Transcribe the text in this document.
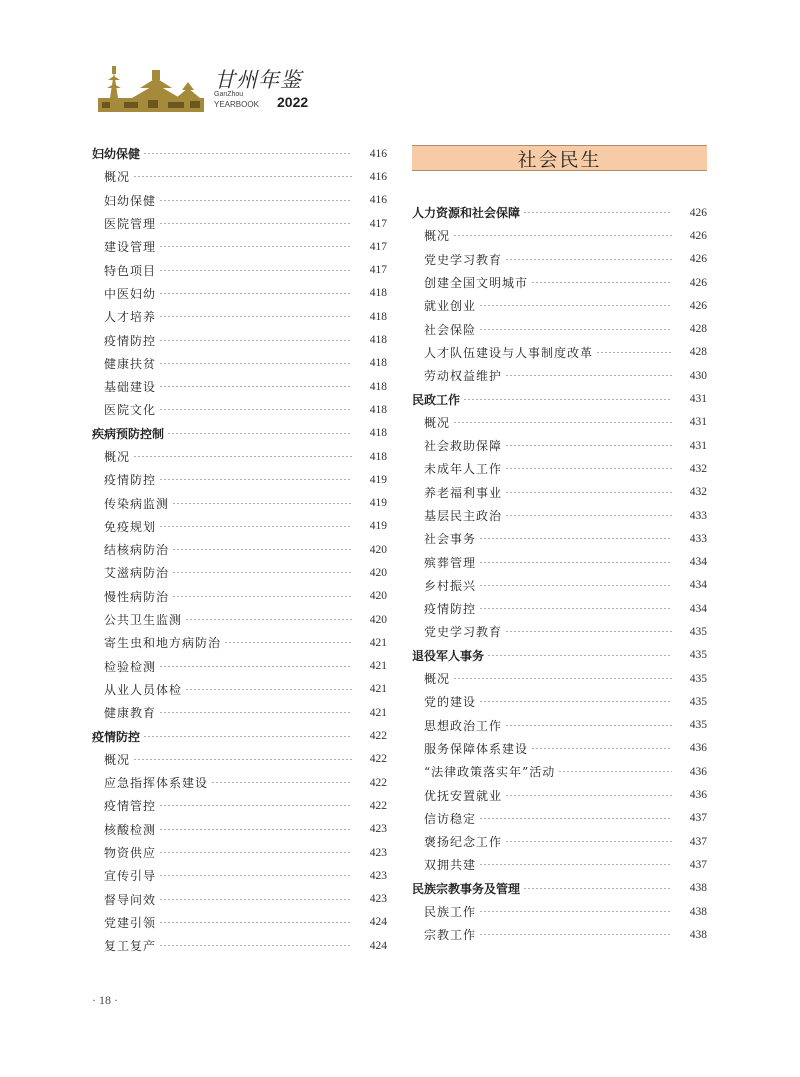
甘州年鉴
GanZhou
YEARBOOK 2022
妇幼保健	416
概况	416
妇幼保健	416
医院管理	417
建设管理	417
特色项目	417
中医妇幼	418
人才培养	418
疫情防控	418
健康扶贫	418
基础建设	418
医院文化	418
疾病预防控制	418
概况	418
疫情防控	419
传染病监测	419
免疫规划	419
结核病防治	420
艾滋病防治	420
慢性病防治	420
公共卫生监测	420
寄生虫和地方病防治	421
检验检测	421
从业人员体检	421
健康教育	421
疫情防控	422
概况	422
应急指挥体系建设	422
疫情管控	422
核酸检测	423
物资供应	423
宣传引导	423
督导问效	423
党建引领	424
复工复产	424
社会民生
人力资源和社会保障	426
概况	426
党史学习教育	426
创建全国文明城市	426
就业创业	426
社会保险	428
人才队伍建设与人事制度改革	428
劳动权益维护	430
民政工作	431
概况	431
社会救助保障	431
未成年人工作	432
养老福利事业	432
基层民主政治	433
社会事务	433
殡葬管理	434
乡村振兴	434
疫情防控	434
党史学习教育	435
退役军人事务	435
概况	435
党的建设	435
思想政治工作	435
服务保障体系建设	436
“法律政策落实年”活动	436
优抚安置就业	436
信访稳定	437
褒扬纪念工作	437
双拥共建	437
民族宗教事务及管理	438
民族工作	438
宗教工作	438
· 18 ·
